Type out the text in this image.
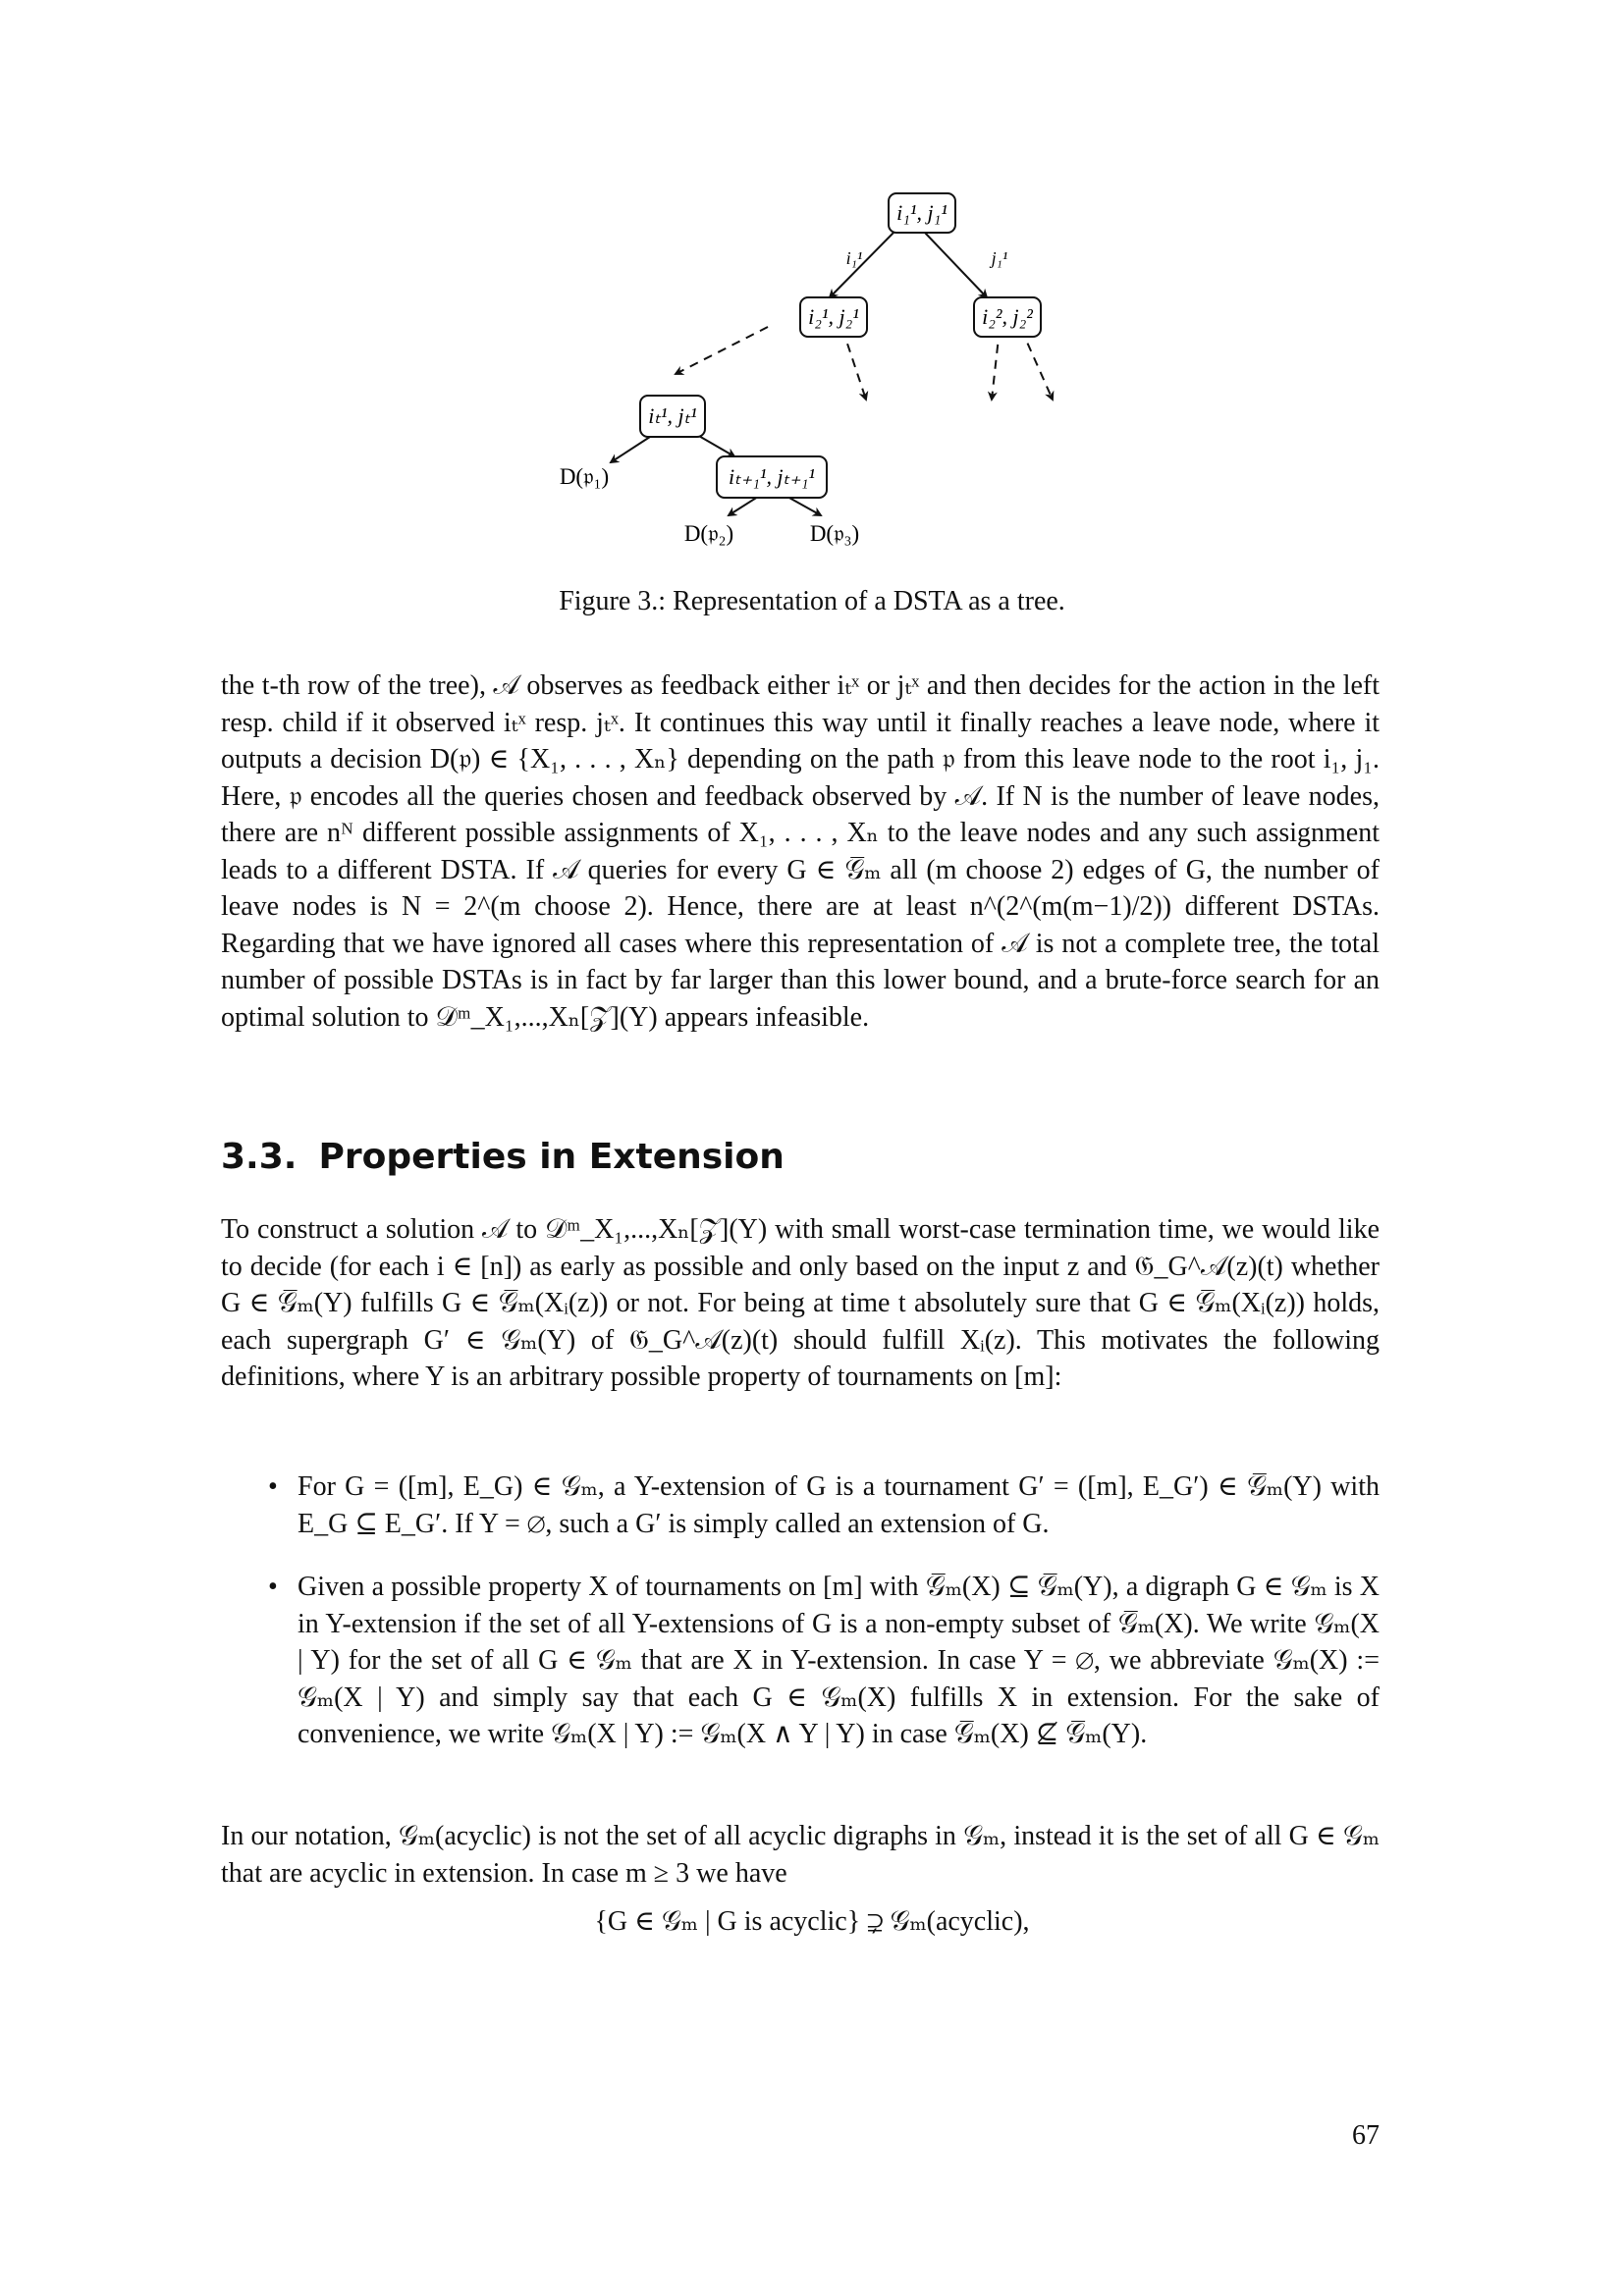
i₁¹, j₁¹
i₂¹, j₂¹	i₂², j₂²
iₜ¹, jₜ¹
iₜ₊₁¹, jₜ₊₁¹
i₁¹	j₁¹
D(𝔭₁)
D(𝔭₂)	D(𝔭₃)
Figure 3.: Representation of a DSTA as a tree.

the t-th row of the tree), 𝒜 observes as feedback either iₜˣ or jₜˣ and then decides for the action in the left resp. child if it observed iₜˣ resp. jₜˣ. It continues this way until it finally reaches a leave node, where it outputs a decision D(𝔭) ∈ {X₁, . . . , Xₙ} depending on the path 𝔭 from this leave node to the root i₁, j₁. Here, 𝔭 encodes all the queries chosen and feedback observed by 𝒜. If N is the number of leave nodes, there are nᴺ different possible assignments of X₁, . . . , Xₙ to the leave nodes and any such assignment leads to a different DSTA. If 𝒜 queries for every G ∈ 𝒢̅ₘ all (m choose 2) edges of G, the number of leave nodes is N = 2^(m choose 2). Hence, there are at least n^(2^(m(m−1)/2)) different DSTAs. Regarding that we have ignored all cases where this representation of 𝒜 is not a complete tree, the total number of possible DSTAs is in fact by far larger than this lower bound, and a brute-force search for an optimal solution to 𝒟ᵐ_X₁,...,Xₙ[𝒵](Y) appears infeasible.

3.3. Properties in Extension

To construct a solution 𝒜 to 𝒟ᵐ_X₁,...,Xₙ[𝒵](Y) with small worst-case termination time, we would like to decide (for each i ∈ [n]) as early as possible and only based on the input z and 𝔊_G^𝒜(z)(t) whether G ∈ 𝒢̅ₘ(Y) fulfills G ∈ 𝒢̅ₘ(Xᵢ(z)) or not. For being at time t absolutely sure that G ∈ 𝒢̅ₘ(Xᵢ(z)) holds, each supergraph G′ ∈ 𝒢ₘ(Y) of 𝔊_G^𝒜(z)(t) should fulfill Xᵢ(z). This motivates the following definitions, where Y is an arbitrary possible property of tournaments on [m]:

• For G = ([m], E_G) ∈ 𝒢ₘ, a Y-extension of G is a tournament G′ = ([m], E_G′) ∈ 𝒢̅ₘ(Y) with E_G ⊆ E_G′. If Y = ∅, such a G′ is simply called an extension of G.
• Given a possible property X of tournaments on [m] with 𝒢̅ₘ(X) ⊆ 𝒢̅ₘ(Y), a digraph G ∈ 𝒢ₘ is X in Y-extension if the set of all Y-extensions of G is a non-empty subset of 𝒢̅ₘ(X). We write 𝒢ₘ(X | Y) for the set of all G ∈ 𝒢ₘ that are X in Y-extension. In case Y = ∅, we abbreviate 𝒢ₘ(X) := 𝒢ₘ(X | Y) and simply say that each G ∈ 𝒢ₘ(X) fulfills X in extension. For the sake of convenience, we write 𝒢ₘ(X | Y) := 𝒢ₘ(X ∧ Y | Y) in case 𝒢̅ₘ(X) ⊈ 𝒢̅ₘ(Y).

In our notation, 𝒢ₘ(acyclic) is not the set of all acyclic digraphs in 𝒢ₘ, instead it is the set of all G ∈ 𝒢ₘ that are acyclic in extension. In case m ≥ 3 we have

{G ∈ 𝒢ₘ | G is acyclic} ⊋ 𝒢ₘ(acyclic),
67
